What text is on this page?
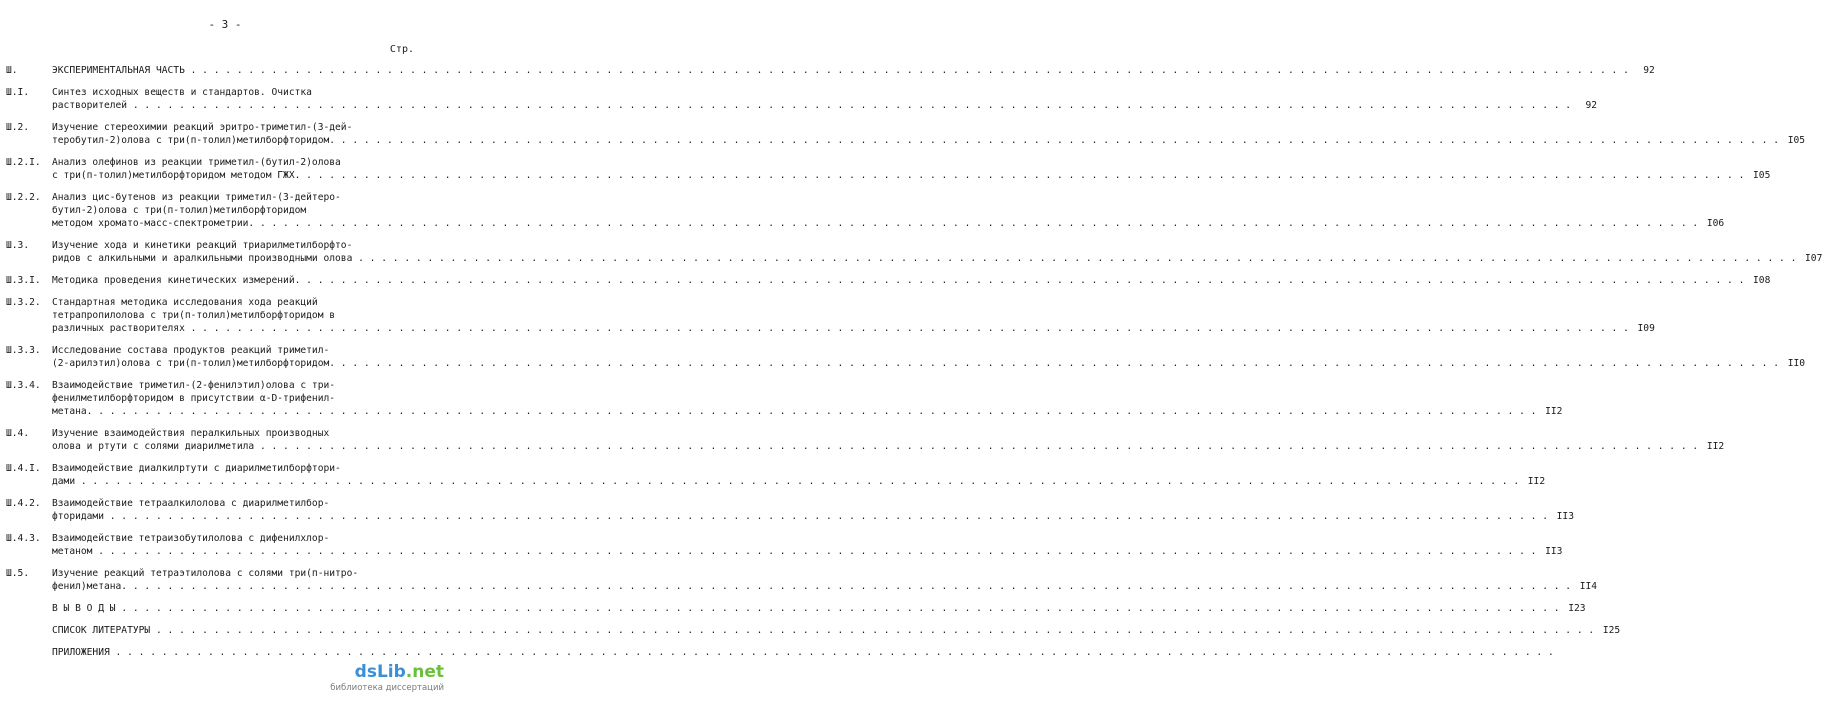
- 3 -
Стр.
Ш.	ЭКСПЕРИМЕНТАЛЬНАЯ ЧАСТЬ . . .	92
Ш.I.	Синтез исходных веществ и стандартов. Очистка
растворителей . . .	92
Ш.2.	Изучение стереохимии реакций эритро-триметил-(3-дей-
теробутил-2)олова с три(п-толил)метилборфторидом. . . .	I05
Ш.2.I.	Анализ олефинов из реакции триметил-(бутил-2)олова
с три(п-толил)метилборфторидом методом ГЖХ. . . .	I05
Ш.2.2.	Анализ цис-бутенов из реакции триметил-(3-дейтеро-
бутил-2)олова с три(п-толил)метилборфторидом
методом хромато-масс-спектрометрии. . . .	I06
Ш.3.	Изучение хода и кинетики реакций триарилметилборфто-
ридов с алкильными и аралкильными производными олова . . .	I07
Ш.3.I.	Методика проведения кинетических измерений. . . .	I08
Ш.3.2.	Стандартная методика исследования хода реакций
тетрапропилолова с три(п-толил)метилборфторидом в
различных растворителях . . .	I09
Ш.3.3.	Исследование состава продуктов реакций триметил-
(2-арилэтил)олова с три(п-толил)метилборфторидом. . . .	II0
Ш.3.4.	Взаимодействие триметил-(2-фенилэтил)олова с три-
фенилметилборфторидом в присутствии α-D-трифенил-
метана. . . .	II2
Ш.4.	Изучение взаимодействия пералкильных производных
олова и ртути с солями диарилметила . . .	II2
Ш.4.I.	Взаимодействие диалкилртути с диарилметилборфтори-
дами . . .	II2
Ш.4.2.	Взаимодействие тетраалкилолова с диарилметилбор-
фторидами . . .	II3
Ш.4.3.	Взаимодействие тетраизобутилолова с дифенилхлор-
метаном . . .	II3
Ш.5.	Изучение реакций тетраэтилолова с солями три(п-нитро-
фенил)метана. . . .	II4
В Ы В О Д Ы . . .	I23
СПИСОК ЛИТЕРАТУРЫ . . .	I25
ПРИЛОЖЕНИЯ . . .
dsLib.net
библиотека диссертаций
